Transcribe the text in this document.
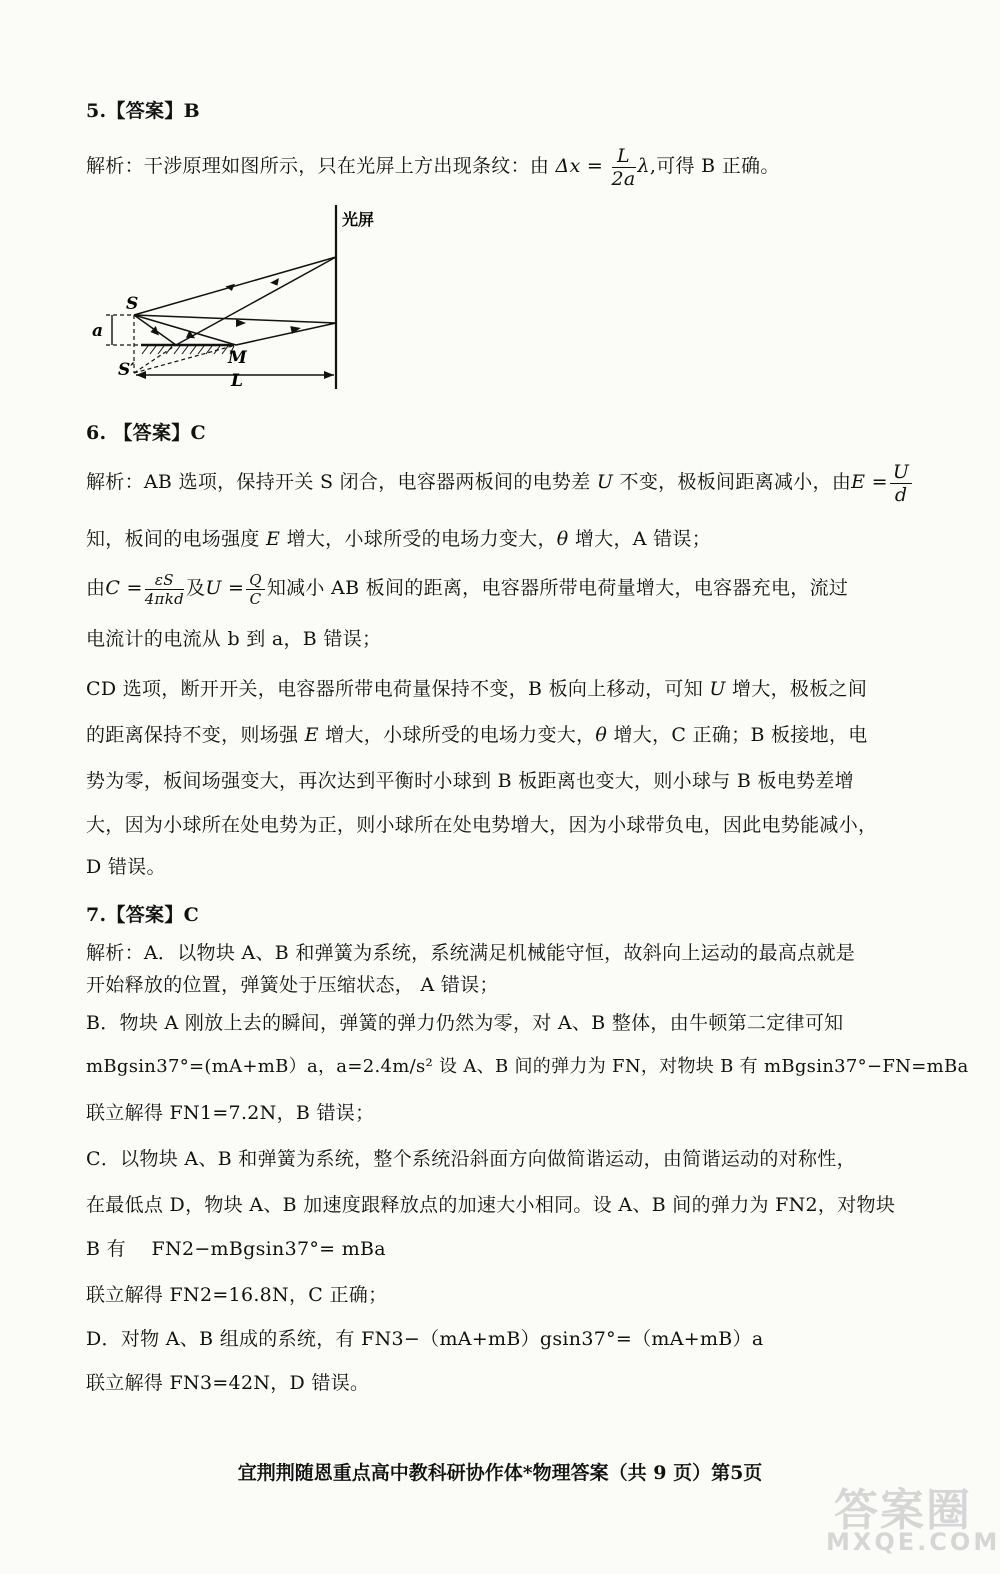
5.【答案】B
解析：干涉原理如图所示，只在光屏上方出现条纹：由 $\Delta x = \frac{L}{2a} \lambda$,可得 B 正确。
光屏
S
S′
M
a
L
6. 【答案】C
解析：AB 选项，保持开关 S 闭合，电容器两板间的电势差 U 不变，极板间距离减小，由$E = \frac{U}{d}$
知，板间的电场强度 E 增大，小球所受的电场力变大，θ 增大，A 错误；
由$C = \frac{\varepsilon S}{\text{4πkd}}$ 及$U = \frac{Q}{C}$ 知减小 AB 板间的距离，电容器所带电荷量增大，电容器充电，流过
电流计的电流从 b 到 a，B 错误；
CD 选项，断开开关，电容器所带电荷量保持不变，B 板向上移动，可知 U 增大，极板之间
的距离保持不变，则场强 E 增大，小球所受的电场力变大，θ 增大，C 正确；B 板接地，电
势为零，板间场强变大，再次达到平衡时小球到 B 板距离也变大，则小球与 B 板电势差增
大，因为小球所在处电势为正，则小球所在处电势增大，因为小球带负电，因此电势能减小，
D 错误。
7.【答案】C
解析：A．以物块 A、B 和弹簧为系统，系统满足机械能守恒，故斜向上运动的最高点就是
开始释放的位置，弹簧处于压缩状态， A 错误；
B．物块 A 刚放上去的瞬间，弹簧的弹力仍然为零，对 A、B 整体，由牛顿第二定律可知
mBgsin37°=(mA+mB）a，a=2.4m/s² 设 A、B 间的弹力为 FN，对物块 B 有 mBgsin37°−FN=mBa
联立解得 FN1=7.2N，B 错误；
C．以物块 A、B 和弹簧为系统，整个系统沿斜面方向做简谐运动，由简谐运动的对称性，
在最低点 D，物块 A、B 加速度跟释放点的加速大小相同。设 A、B 间的弹力为 FN2，对物块
B 有　 FN2−mBgsin37°= mBa
联立解得 FN2=16.8N，C 正确；
D．对物 A、B 组成的系统，有 FN3−（mA+mB）gsin37°=（mA+mB）a
联立解得 FN3=42N，D 错误。
宜荆荆随恩重点高中教科研协作体*物理答案（共 9 页）第5页
答案圈
MXQE.COM
